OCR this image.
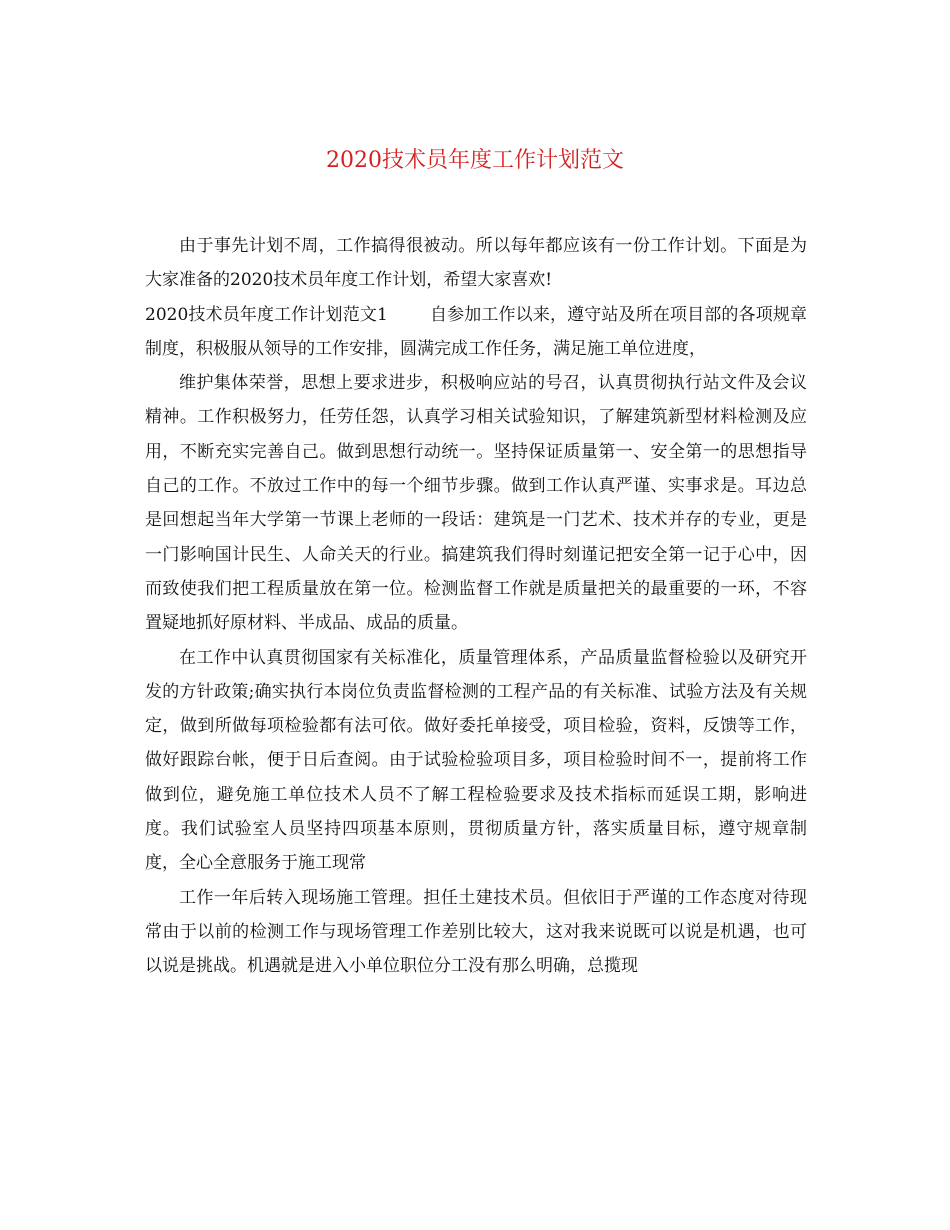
2020技术员年度工作计划范文

由于事先计划不周，工作搞得很被动。所以每年都应该有一份工作计划。下面是为大家准备的2020技术员年度工作计划，希望大家喜欢!

2020技术员年度工作计划范文1 自参加工作以来，遵守站及所在项目部的各项规章制度，积极服从领导的工作安排，圆满完成工作任务，满足施工单位进度，

维护集体荣誉，思想上要求进步，积极响应站的号召，认真贯彻执行站文件及会议精神。工作积极努力，任劳任怨，认真学习相关试验知识，了解建筑新型材料检测及应用，不断充实完善自己。做到思想行动统一。坚持保证质量第一、安全第一的思想指导自己的工作。不放过工作中的每一个细节步骤。做到工作认真严谨、实事求是。耳边总是回想起当年大学第一节课上老师的一段话：建筑是一门艺术、技术并存的专业，更是一门影响国计民生、人命关天的行业。搞建筑我们得时刻谨记把安全第一记于心中，因而致使我们把工程质量放在第一位。检测监督工作就是质量把关的最重要的一环，不容置疑地抓好原材料、半成品、成品的质量。

在工作中认真贯彻国家有关标准化，质量管理体系，产品质量监督检验以及研究开发的方针政策;确实执行本岗位负责监督检测的工程产品的有关标准、试验方法及有关规定，做到所做每项检验都有法可依。做好委托单接受，项目检验，资料，反馈等工作，做好跟踪台帐，便于日后查阅。由于试验检验项目多，项目检验时间不一，提前将工作做到位，避免施工单位技术人员不了解工程检验要求及技术指标而延误工期，影响进度。我们试验室人员坚持四项基本原则，贯彻质量方针，落实质量目标，遵守规章制度，全心全意服务于施工现常

工作一年后转入现场施工管理。担任土建技术员。但依旧于严谨的工作态度对待现常由于以前的检测工作与现场管理工作差别比较大，这对我来说既可以说是机遇，也可以说是挑战。机遇就是进入小单位职位分工没有那么明确，总揽现
